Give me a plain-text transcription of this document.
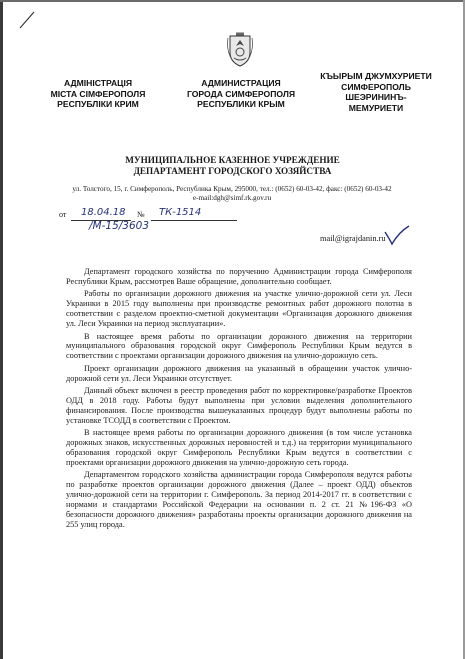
АДМІНІСТРАЦІЯ
МІСТА СІМФЕРОПОЛЯ
РЕСПУБЛІКИ КРИМ
АДМИНИСТРАЦИЯ
ГОРОДА СИМФЕРОПОЛЯ
РЕСПУБЛИКИ КРЫМ
КЪЫРЫМ ДЖУМХУРИЕТИ
СИМФЕРОПОЛЬ
ШЕЭРИНИНЪ-
МЕМУРИЕТИ
МУНИЦИПАЛЬНОЕ КАЗЕННОЕ УЧРЕЖДЕНИЕ
ДЕПАРТАМЕНТ ГОРОДСКОГО ХОЗЯЙСТВА
ул. Толстого, 15, г. Симферополь, Республика Крым, 295000, тел.: (0652) 60-03-42, факс: (0652) 60-03-42
e-mail:dgh@simf.rk.gov.ru
от 18.04.18 № ТК-1514
/М-15/3603
mail@igrajdanin.ru

Департамент городского хозяйства по поручению Администрации города Симферополя Республики Крым, рассмотрев Ваше обращение, дополнительно сообщает.

Работы по организации дорожного движения на участке улично-дорожной сети ул. Леси Украинки в 2015 году выполнены при производстве ремонтных работ дорожного полотна в соответствии с разделом проектно-сметной документации «Организация дорожного движения ул. Леси Украинки на период эксплуатации».

В настоящее время работы по организации дорожного движения на территории муниципального образования городской округ Симферополь Республики Крым ведутся в соответствии с проектами организации дорожного движения на улично-дорожную сеть.

Проект организации дорожного движения на указанный в обращении участок улично-дорожной сети ул. Леси Украинки отсутствует.

Данный объект включен в реестр проведения работ по корректировке/разработке Проектов ОДД в 2018 году. Работы будут выполнены при условии выделения дополнительного финансирования. После производства вышеуказанных процедур будут выполнены работы по установке ТСОДД в соответствии с Проектом.

В настоящее время работы по организации дорожного движения (в том числе установка дорожных знаков, искусственных дорожных неровностей и т.д.) на территории муниципального образования городской округ Симферополь Республики Крым ведутся в соответствии с проектами организации дорожного движения на улично-дорожную сеть города.

Департаментом городского хозяйства администрации города Симферополя ведутся работы по разработке проектов организации дорожного движения (Далее – проект ОДД) объектов улично-дорожной сети на территории г. Симферополь. За период 2014-2017 гг. в соответствии с нормами и стандартами Российской Федерации на основании п. 2 ст. 21 №196-ФЗ «О безопасности дорожного движения» разработаны проекты организации дорожного движения на 255 улиц города.
